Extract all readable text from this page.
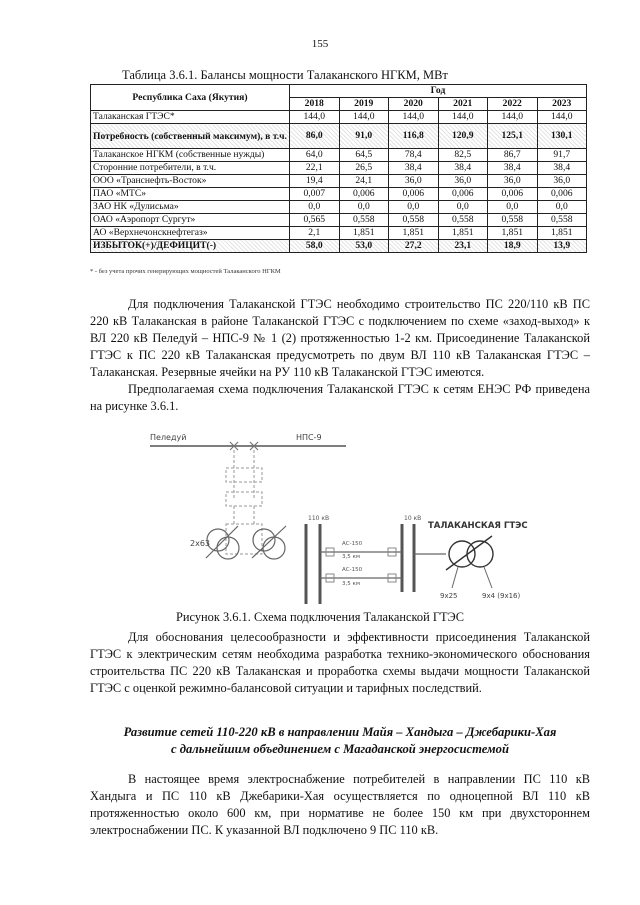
155
Таблица 3.6.1. Балансы мощности Талаканского НГКМ, МВт
Республика Саха (Якутия)	Год					
	2018	2019	2020	2021	2022	2023
Талаканская ГТЭС*	144,0	144,0	144,0	144,0	144,0	144,0
Потребность (собственный максимум), в т.ч.	86,0	91,0	116,8	120,9	125,1	130,1
Талаканское НГКМ (собственные нужды)	64,0	64,5	78,4	82,5	86,7	91,7
Сторонние потребители, в т.ч.	22,1	26,5	38,4	38,4	38,4	38,4
ООО «Транснефть-Восток»	19,4	24,1	36,0	36,0	36,0	36,0
ПАО «МТС»	0,007	0,006	0,006	0,006	0,006	0,006
ЗАО НК «Дулисьма»	0,0	0,0	0,0	0,0	0,0	0,0
ОАО «Аэропорт Сургут»	0,565	0,558	0,558	0,558	0,558	0,558
АО «Верхнечонскнефтегаз»	2,1	1,851	1,851	1,851	1,851	1,851
ИЗБЫТОК(+)/ДЕФИЦИТ(-)	58,0	53,0	27,2	23,1	18,9	13,9
* - без учета прочих генерирующих мощностей Талаканского НГКМ
Для подключения Талаканской ГТЭС необходимо строительство ПС 220/110 кВ ПС 220 кВ Талаканская в районе Талаканской ГТЭС с подключением по схеме «заход-выход» к ВЛ 220 кВ Пеледуй – НПС-9 № 1 (2) протяженностью 1-2 км. Присоединение Талаканской ГТЭС к ПС 220 кВ Талаканская предусмотреть по двум ВЛ 110 кВ Талаканская ГТЭС – Талаканская. Резервные ячейки на РУ 110 кВ Талаканской ГТЭС имеются.
Предполагаемая схема подключения Талаканской ГТЭС к сетям ЕНЭС РФ приведена на рисунке 3.6.1.
Пеледуй	НПС-9
2х63
110 кВ	10 кВ
АС-150
3,5 км
АС-150
3,5 км
ТАЛАКАНСКАЯ ГТЭС
9х25	9х4 (9х16)
Рисунок 3.6.1. Схема подключения Талаканской ГТЭС
Для обоснования целесообразности и эффективности присоединения Талаканской ГТЭС к электрическим сетям необходима разработка технико-экономического обоснования строительства ПС 220 кВ Талаканская и проработка схемы выдачи мощности Талаканской ГТЭС с оценкой режимно-балансовой ситуации и тарифных последствий.
Развитие сетей 110-220 кВ в направлении Майя – Хандыга – Джебарики-Хая
с дальнейшим объединением с Магаданской энергосистемой
В настоящее время электроснабжение потребителей в направлении ПС 110 кВ Хандыга и ПС 110 кВ Джебарики-Хая осуществляется по одноцепной ВЛ 110 кВ протяженностью около 600 км, при нормативе не более 150 км при двухстороннем электроснабжении ПС. К указанной ВЛ подключено 9 ПС 110 кВ.
